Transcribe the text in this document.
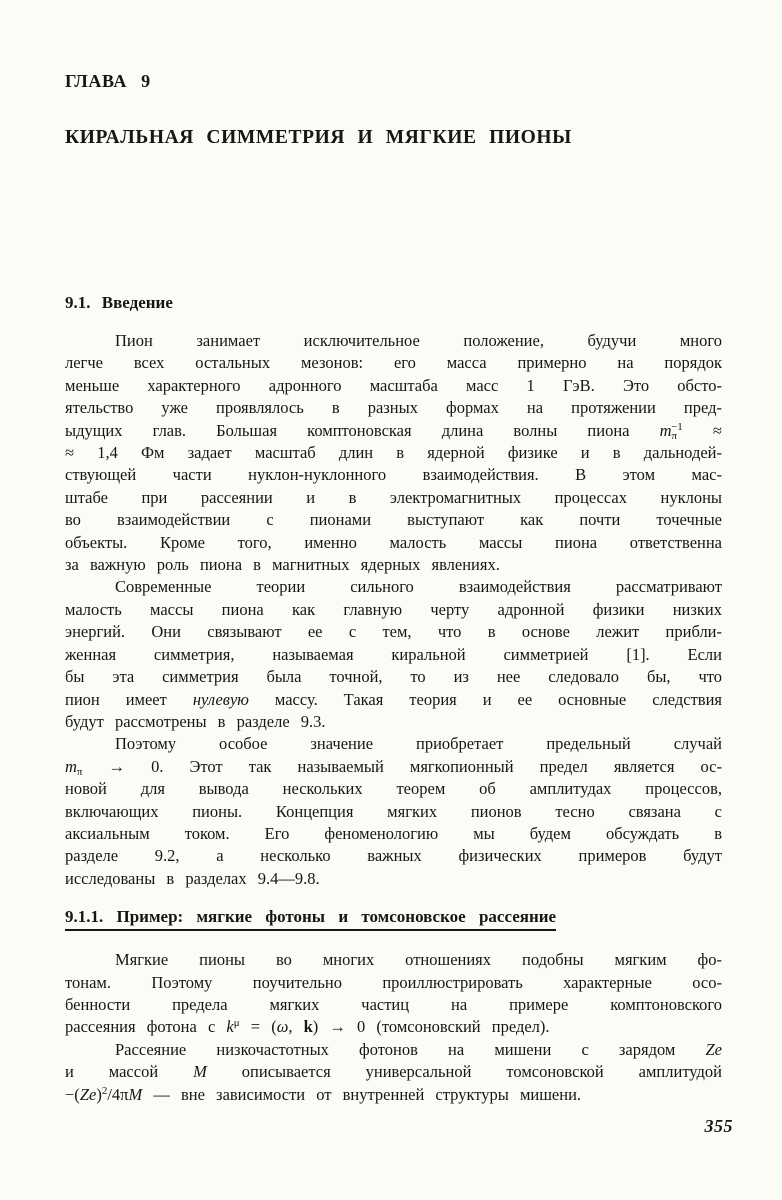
ГЛАВА 9
КИРАЛЬНАЯ СИММЕТРИЯ И МЯГКИЕ ПИОНЫ
9.1. Введение
Пион занимает исключительное положение, будучи много
легче всех остальных мезонов: его масса примерно на порядок
меньше характерного адронного масштаба масс 1 ГэВ. Это обсто-
ятельство уже проявлялось в разных формах на протяжении пред-
ыдущих глав. Большая комптоновская длина волны пиона $m_\pi^{-1}$ ≈
≈ 1,4 Фм задает масштаб длин в ядерной физике и в дальнодей-
ствующей части нуклон-нуклонного взаимодействия. В этом мас-
штабе при рассеянии и в электромагнитных процессах нуклоны
во взаимодействии с пионами выступают как почти точечные
объекты. Кроме того, именно малость массы пиона ответственна
за важную роль пиона в магнитных ядерных явлениях.
Современные теории сильного взаимодействия рассматривают
малость массы пиона как главную черту адронной физики низких
энергий. Они связывают ее с тем, что в основе лежит прибли-
женная симметрия, называемая киральной симметрией [1]. Если
бы эта симметрия была точной, то из нее следовало бы, что
пион имеет нулевую массу. Такая теория и ее основные следствия
будут рассмотрены в разделе 9.3.
Поэтому особое значение приобретает предельный случай
$m_\pi \to 0$. Этот так называемый мягкопионный предел является ос-
новой для вывода нескольких теорем об амплитудах процессов,
включающих пионы. Концепция мягких пионов тесно связана с
аксиальным током. Его феноменологию мы будем обсуждать в
разделе 9.2, а несколько важных физических примеров будут
исследованы в разделах 9.4—9.8.
9.1.1. Пример: мягкие фотоны и томсоновское рассеяние
Мягкие пионы во многих отношениях подобны мягким фо-
тонам. Поэтому поучительно проиллюстрировать характерные осо-
бенности предела мягких частиц на примере комптоновского
рассеяния фотона с $k^\mu = (\omega$, k) → 0 (томсоновский предел).
Рассеяние низкочастотных фотонов на мишени с зарядом Ze
и массой M описывается универсальной томсоновской амплитудой
$-(Ze)^2/4\pi M$ — вне зависимости от внутренней структуры мишени.
355
